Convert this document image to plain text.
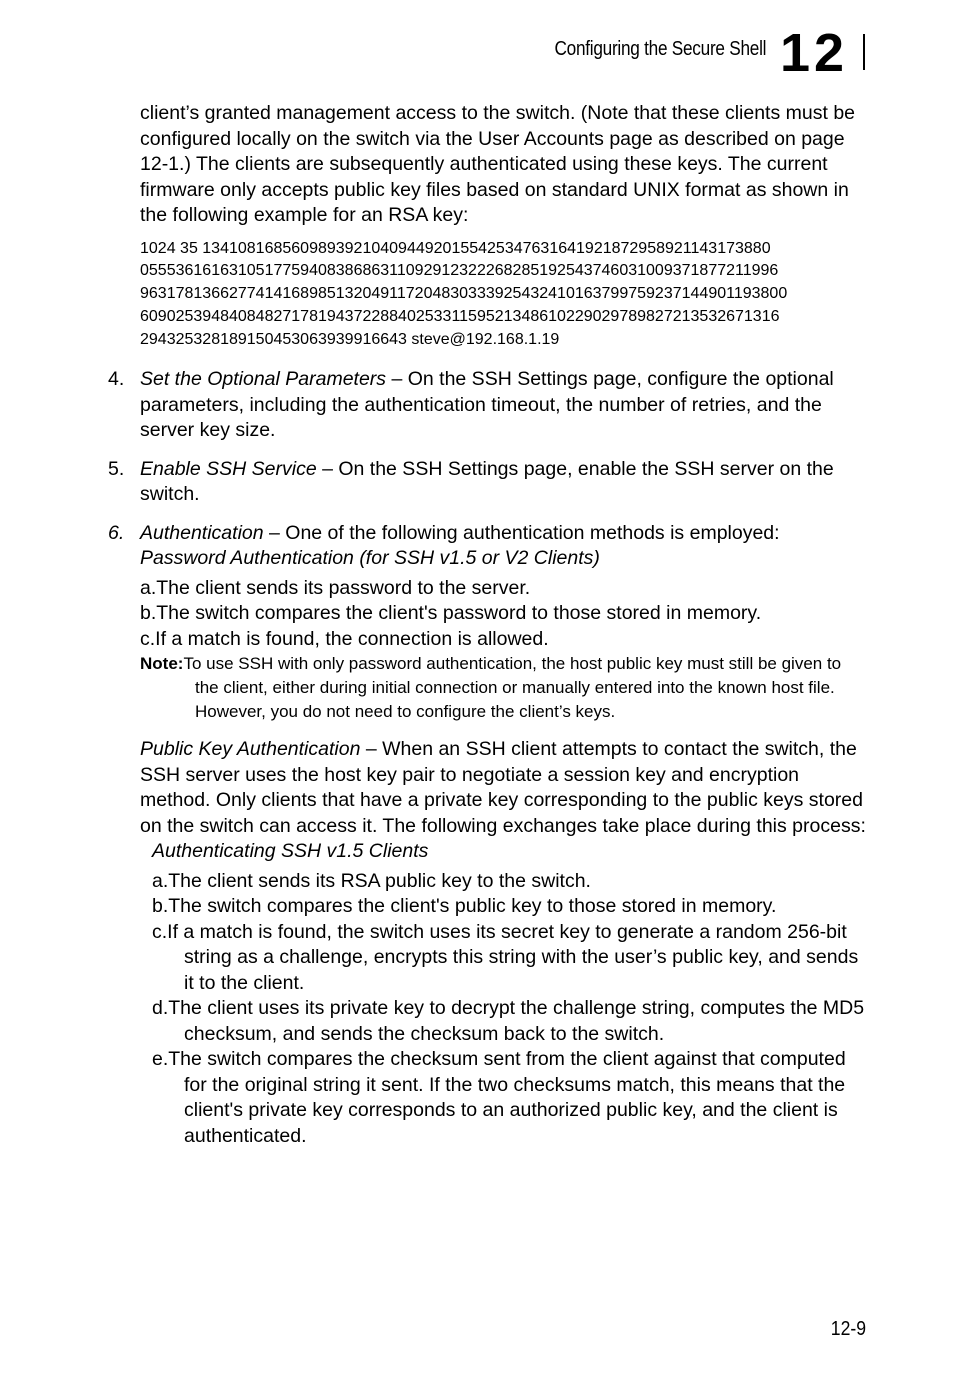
Configuring the Secure Shell 12

client’s granted management access to the switch. (Note that these clients must be configured locally on the switch via the User Accounts page as described on page 12-1.) The clients are subsequently authenticated using these keys. The current firmware only accepts public key files based on standard UNIX format as shown in the following example for an RSA key:

1024 35 134108168560989392104094492015542534763164192187295892114317388​0
05553616163105177594083868631109291232226828519254374603100937187721199​6
96317813662774141689851320491172048303339254324101637997592371449011938​00
60902539484084827178194372288402533115952134861022902978982721353267131​6
294325328189150453063939916643 steve@192.168.1.19
4. Set the Optional Parameters – On the SSH Settings page, configure the optional parameters, including the authentication timeout, the number of retries, and the server key size.
5. Enable SSH Service – On the SSH Settings page, enable the SSH server on the switch.
6. Authentication – One of the following authentication methods is employed:

Password Authentication (for SSH v1.5 or V2 Clients)

a.The client sends its password to the server.
b.The switch compares the client's password to those stored in memory.
c.If a match is found, the connection is allowed.

Note:To use SSH with only password authentication, the host public key must still be given to the client, either during initial connection or manually entered into the known host file. However, you do not need to configure the client’s keys.

Public Key Authentication – When an SSH client attempts to contact the switch, the SSH server uses the host key pair to negotiate a session key and encryption method. Only clients that have a private key corresponding to the public keys stored on the switch can access it. The following exchanges take place during this process:

Authenticating SSH v1.5 Clients

a.The client sends its RSA public key to the switch.
b.The switch compares the client's public key to those stored in memory.
c.If a match is found, the switch uses its secret key to generate a random 256-bit string as a challenge, encrypts this string with the user’s public key, and sends it to the client.
d.The client uses its private key to decrypt the challenge string, computes the MD5 checksum, and sends the checksum back to the switch.
e.The switch compares the checksum sent from the client against that computed for the original string it sent. If the two checksums match, this means that the client's private key corresponds to an authorized public key, and the client is authenticated.
12-9
